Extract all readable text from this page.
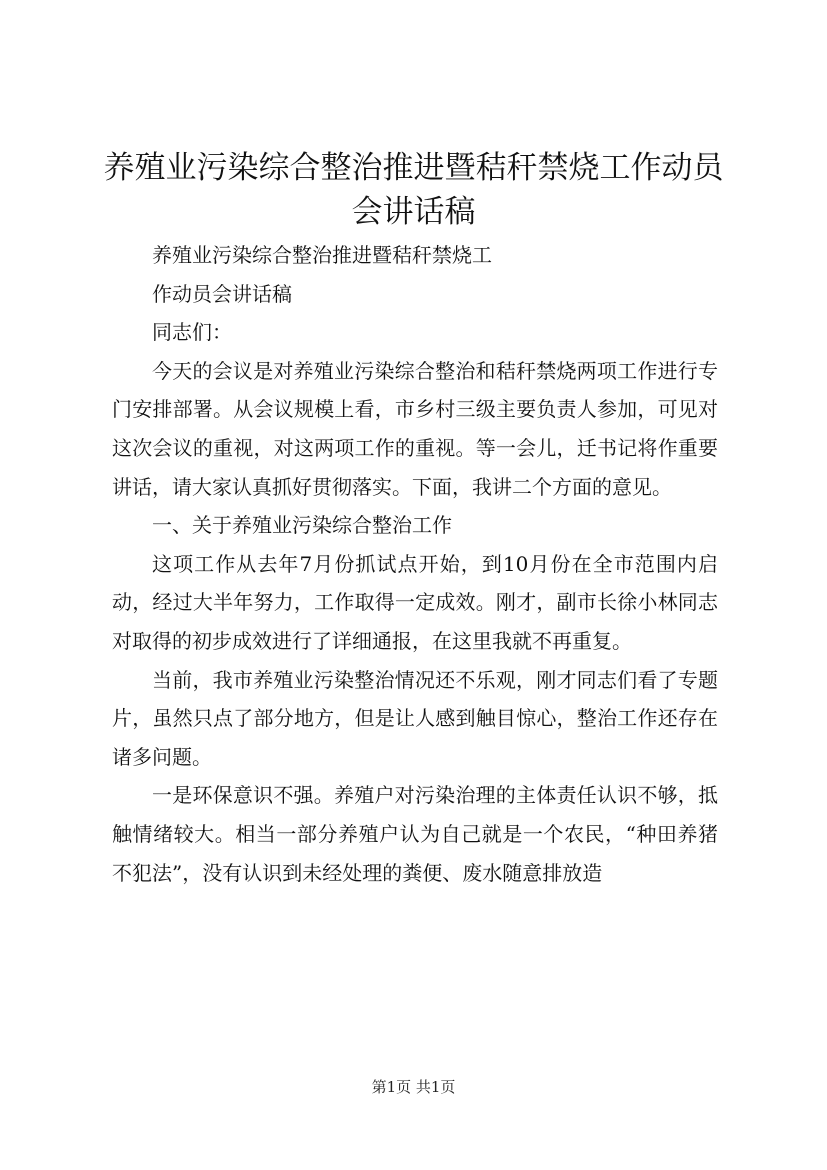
养殖业污染综合整治推进暨秸秆禁烧工作动员
会讲话稿

养殖业污染综合整治推进暨秸秆禁烧工

作动员会讲话稿

同志们：

今天的会议是对养殖业污染综合整治和秸秆禁烧两项工作进行专门安排部署。从会议规模上看，市乡村三级主要负责人参加，可见对这次会议的重视，对这两项工作的重视。等一会儿，迁书记将作重要讲话，请大家认真抓好贯彻落实。下面，我讲二个方面的意见。

一、关于养殖业污染综合整治工作

这项工作从去年7月份抓试点开始，到10月份在全市范围内启动，经过大半年努力，工作取得一定成效。刚才，副市长徐小林同志对取得的初步成效进行了详细通报，在这里我就不再重复。

当前，我市养殖业污染整治情况还不乐观，刚才同志们看了专题片，虽然只点了部分地方，但是让人感到触目惊心，整治工作还存在诸多问题。

一是环保意识不强。养殖户对污染治理的主体责任认识不够，抵触情绪较大。相当一部分养殖户认为自己就是一个农民，“种田养猪不犯法”，没有认识到未经处理的粪便、废水随意排放造

第1页 共1页
